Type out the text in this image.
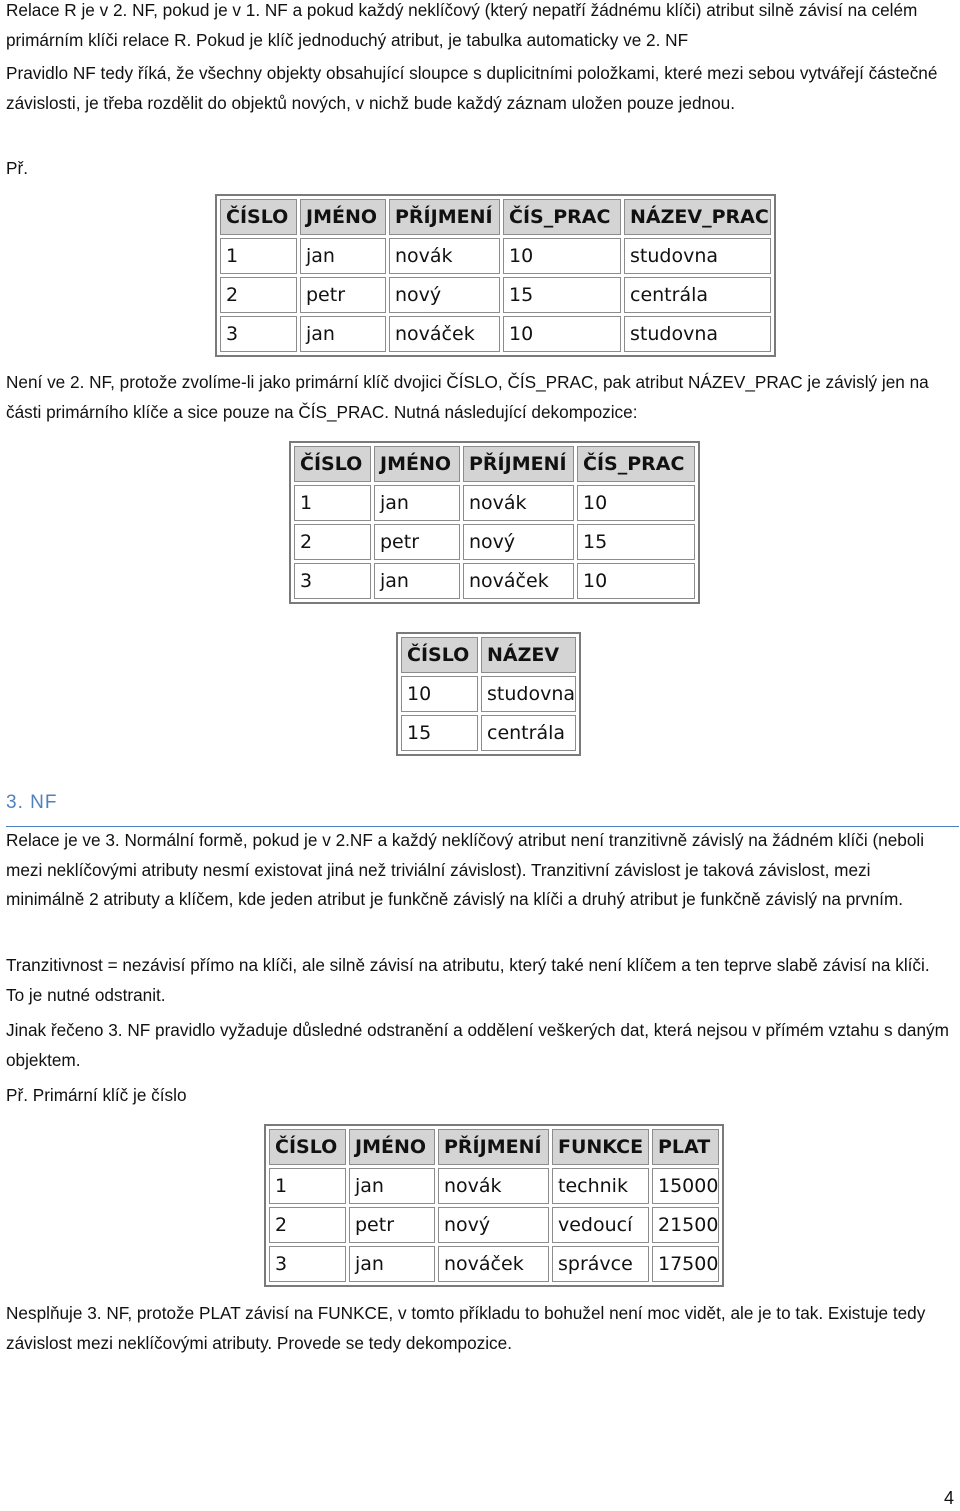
Relace R je v 2. NF, pokud je v 1. NF a pokud každý neklíčový (který nepatří žádnému klíči) atribut silně závisí na celém primárním klíči relace R. Pokud je klíč jednoduchý atribut, je tabulka automaticky ve 2. NF

Pravidlo NF tedy říká, že všechny objekty obsahující sloupce s duplicitními položkami, které mezi sebou vytvářejí částečné závislosti, je třeba rozdělit do objektů nových, v nichž bude každý záznam uložen pouze jednou.

Př.

ČÍSLO	JMÉNO	PŘÍJMENÍ	ČÍS_PRAC	NÁZEV_PRAC
1	jan	novák	10	studovna
2	petr	nový	15	centrála
3	jan	nováček	10	studovna

Není ve 2. NF, protože zvolíme-li jako primární klíč dvojici ČÍSLO, ČÍS_PRAC, pak atribut NÁZEV_PRAC je závislý jen na části primárního klíče a sice pouze na ČÍS_PRAC. Nutná následující dekompozice:

ČÍSLO	JMÉNO	PŘÍJMENÍ	ČÍS_PRAC
1	jan	novák	10
2	petr	nový	15
3	jan	nováček	10
ČÍSLO	NÁZEV
10	studovna
15	centrála
3. NF

Relace je ve 3. Normální formě, pokud je v 2.NF a každý neklíčový atribut není tranzitivně závislý na žádném klíči (neboli mezi neklíčovými atributy nesmí existovat jiná než triviální závislost). Tranzitivní závislost je taková závislost, mezi minimálně 2 atributy a klíčem, kde jeden atribut je funkčně závislý na klíči a druhý atribut je funkčně závislý na prvním.

Tranzitivnost = nezávisí přímo na klíči, ale silně závisí na atributu, který také není klíčem a ten teprve slabě závisí na klíči. To je nutné odstranit.

Jinak řečeno 3. NF pravidlo vyžaduje důsledné odstranění a oddělení veškerých dat, která nejsou v přímém vztahu s daným objektem.

Př. Primární klíč je číslo

ČÍSLO	JMÉNO	PŘÍJMENÍ	FUNKCE	PLAT
1	jan	novák	technik	15000
2	petr	nový	vedoucí	21500
3	jan	nováček	správce	17500

Nesplňuje 3. NF, protože PLAT závisí na FUNKCE, v tomto příkladu to bohužel není moc vidět, ale je to tak. Existuje tedy závislost mezi neklíčovými atributy. Provede se tedy dekompozice.

4
